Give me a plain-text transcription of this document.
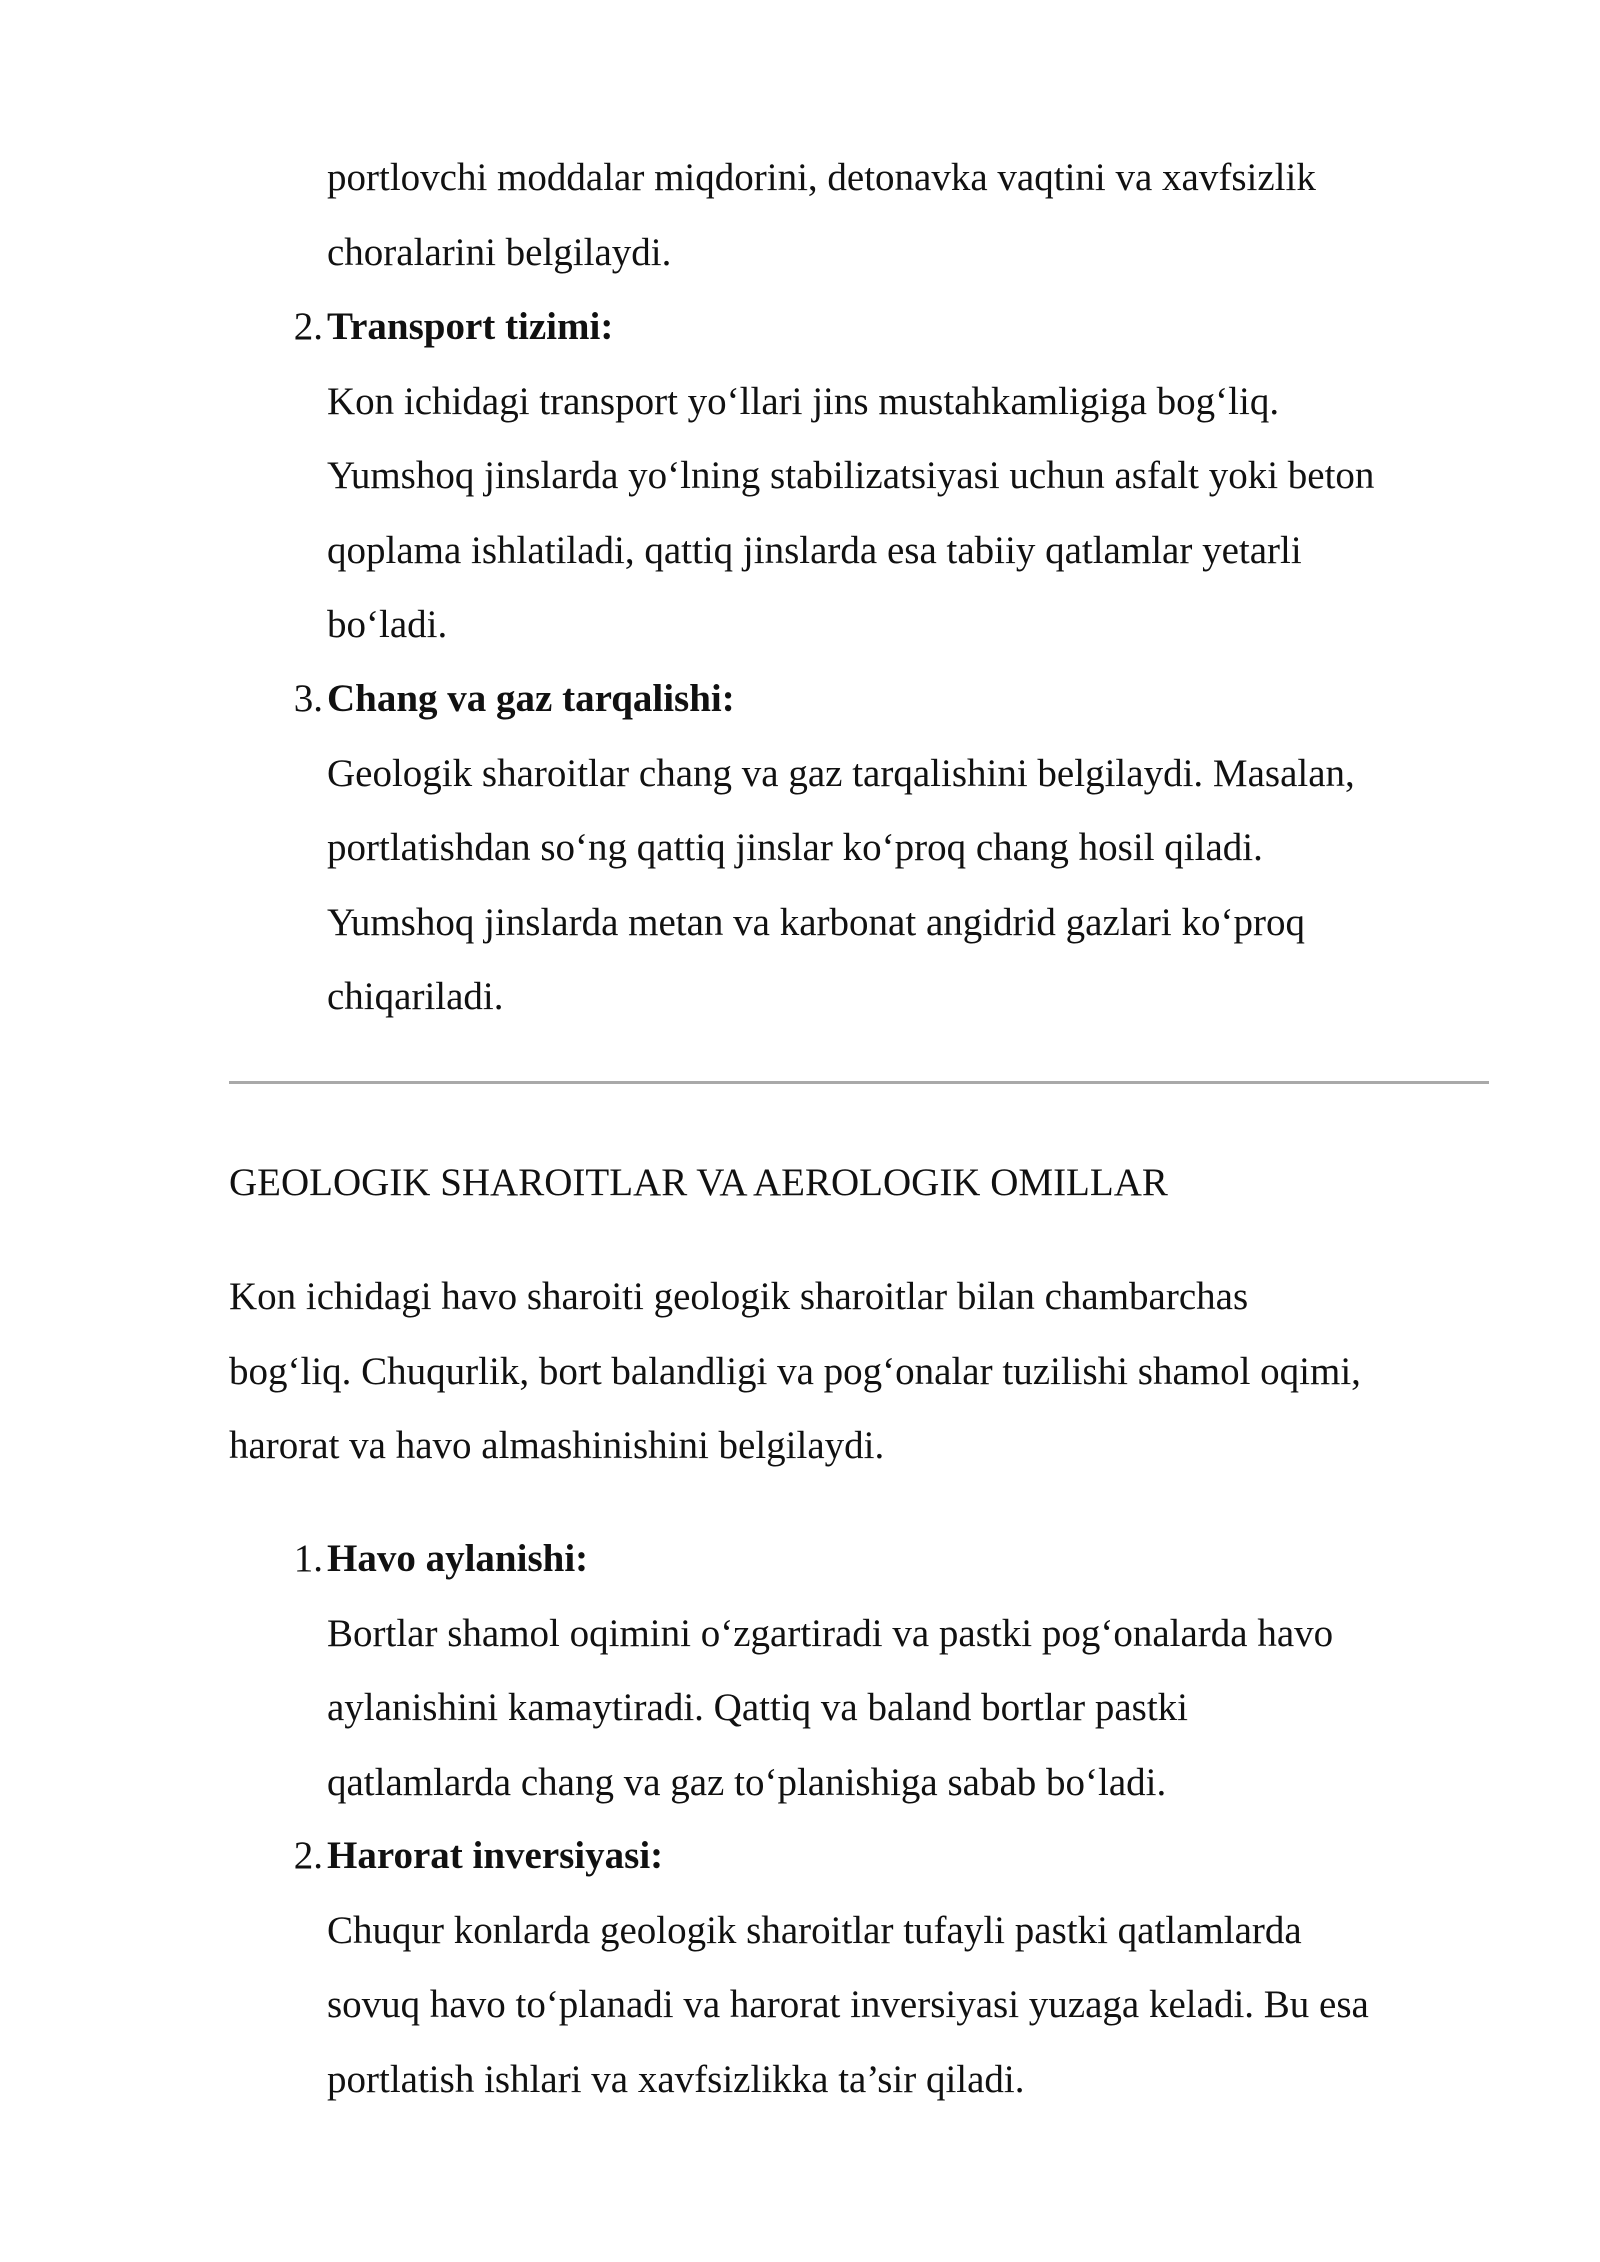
portlovchi moddalar miqdorini, detonavka vaqtini va xavfsizlik
choralarini belgilaydi.
2. Transport tizimi:
Kon ichidagi transport yo‘llari jins mustahkamligiga bog‘liq.
Yumshoq jinslarda yo‘lning stabilizatsiyasi uchun asfalt yoki beton
qoplama ishlatiladi, qattiq jinslarda esa tabiiy qatlamlar yetarli
bo‘ladi.
3. Chang va gaz tarqalishi:
Geologik sharoitlar chang va gaz tarqalishini belgilaydi. Masalan,
portlatishdan so‘ng qattiq jinslar ko‘proq chang hosil qiladi.
Yumshoq jinslarda metan va karbonat angidrid gazlari ko‘proq
chiqariladi.
GEOLOGIK SHAROITLAR VA AEROLOGIK OMILLAR
Kon ichidagi havo sharoiti geologik sharoitlar bilan chambarchas
bog‘liq. Chuqurlik, bort balandligi va pog‘onalar tuzilishi shamol oqimi,
harorat va havo almashinishini belgilaydi.
1. Havo aylanishi:
Bortlar shamol oqimini o‘zgartiradi va pastki pog‘onalarda havo
aylanishini kamaytiradi. Qattiq va baland bortlar pastki
qatlamlarda chang va gaz to‘planishiga sabab bo‘ladi.
2. Harorat inversiyasi:
Chuqur konlarda geologik sharoitlar tufayli pastki qatlamlarda
sovuq havo to‘planadi va harorat inversiyasi yuzaga keladi. Bu esa
portlatish ishlari va xavfsizlikka ta’sir qiladi.
